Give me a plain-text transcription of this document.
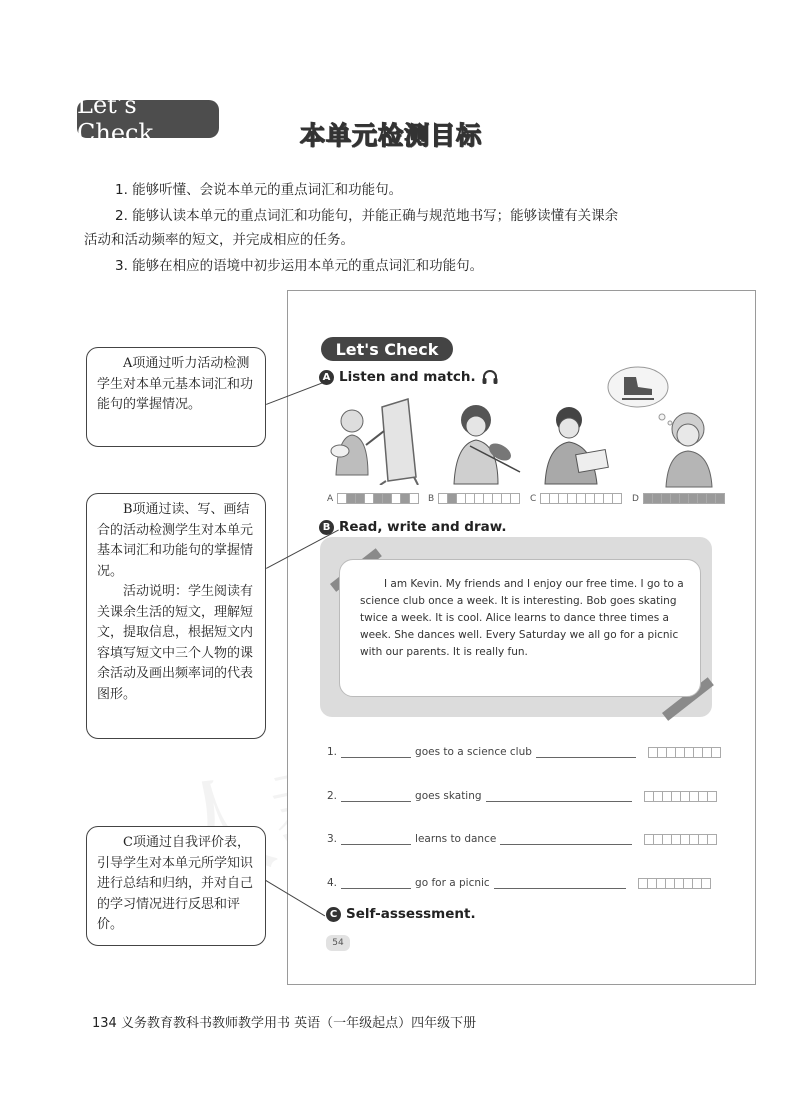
Let’s Check	本 单 元 检 测 目 标
1. 能够听懂、会说本单元的重点词汇和功能句。
2. 能够认读本单元的重点词汇和功能句，并能正确与规范地书写；能够读懂有关课余
活动和活动频率的短文，并完成相应的任务。
3. 能够在相应的语境中初步运用本单元的重点词汇和功能句。

A项通过听力活动检测学生对本单元基本词汇和功能句的掌握情况。

B项通过读、写、画结合的活动检测学生对本单元基本词汇和功能句的掌握情况。

活动说明：学生阅读有关课余生活的短文，理解短文，提取信息，根据短文内容填写短文中三个人物的课余活动及画出频率词的代表图形。

C项通过自我评价表，引导学生对本单元所学知识进行总结和归纳，并对自己的学习情况进行反思和评价。

Let's Check
A Listen and match.
A	B	C	D
B Read, write and draw.

I am Kevin. My friends and I enjoy our free time. I go to a science club once a week. It is interesting. Bob goes skating twice a week. It is cool. Alice learns to dance three times a week. She dances well. Every Saturday we all go for a picnic with our parents. It is really fun.

1.	goes to a science club
2.	goes skating
3.	learns to dance
4.	go for a picnic
C Self-assessment.
54
134 义务教育教科书教师教学用书 英语（一年级起点）四年级下册
